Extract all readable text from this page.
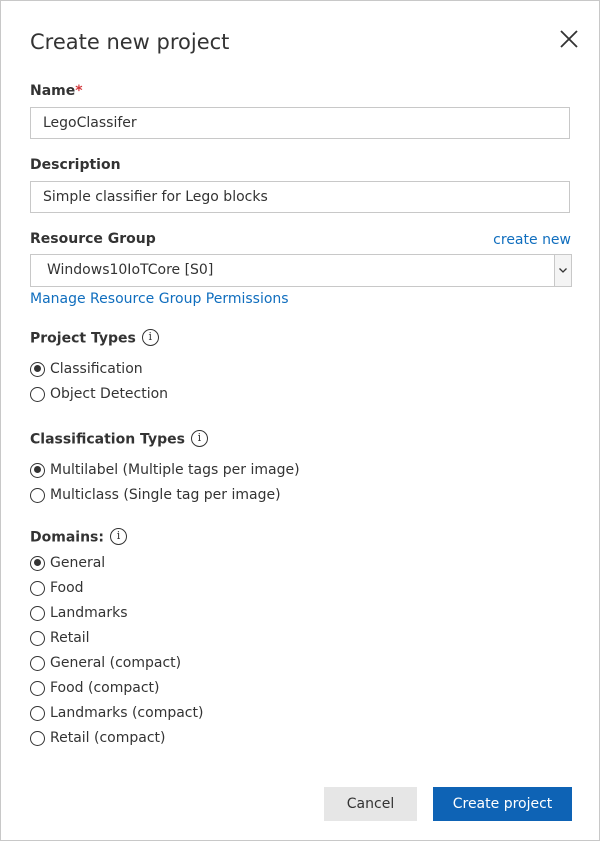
Create new project
Name*
LegoClassifer
Description
Simple classifier for Lego blocks
Resource Group	create new
Windows10IoTCore [S0]
Manage Resource Group Permissions
Project Types i
Classification
Object Detection
Classification Types i
Multilabel (Multiple tags per image)
Multiclass (Single tag per image)
Domains: i
General
Food
Landmarks
Retail
General (compact)
Food (compact)
Landmarks (compact)
Retail (compact)
Cancel	Create project
